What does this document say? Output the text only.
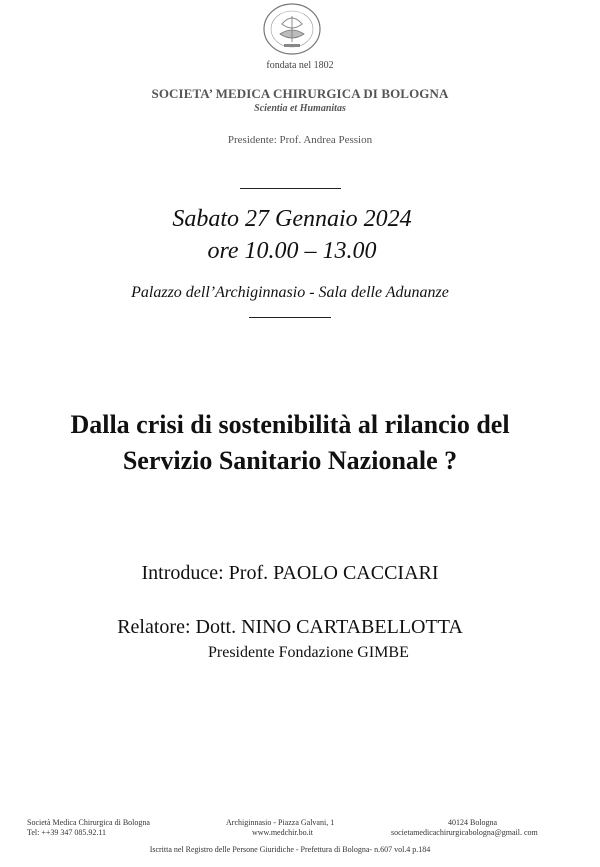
fondata nel 1802
SOCIETA’ MEDICA CHIRURGICA DI BOLOGNA
Scientia et Humanitas
Presidente: Prof. Andrea Pession
Sabato 27 Gennaio 2024
ore 10.00 – 13.00
Palazzo dell’Archiginnasio - Sala delle Adunanze
Dalla crisi di sostenibilità al rilancio del
Servizio Sanitario Nazionale ?
Introduce: Prof. PAOLO CACCIARI
Relatore: Dott. NINO CARTABELLOTTA
Presidente Fondazione GIMBE
Società Medica Chirurgica di Bologna
Tel: ++39 347 085.92.11
Archiginnasio - Piazza Galvani, 1
www.medchir.bo.it
40124 Bologna
societamedicachirurgicabologna@gmail. com
Iscritta nel Registro delle Persone Giuridiche - Prefettura di Bologna- n.607 vol.4 p.184
